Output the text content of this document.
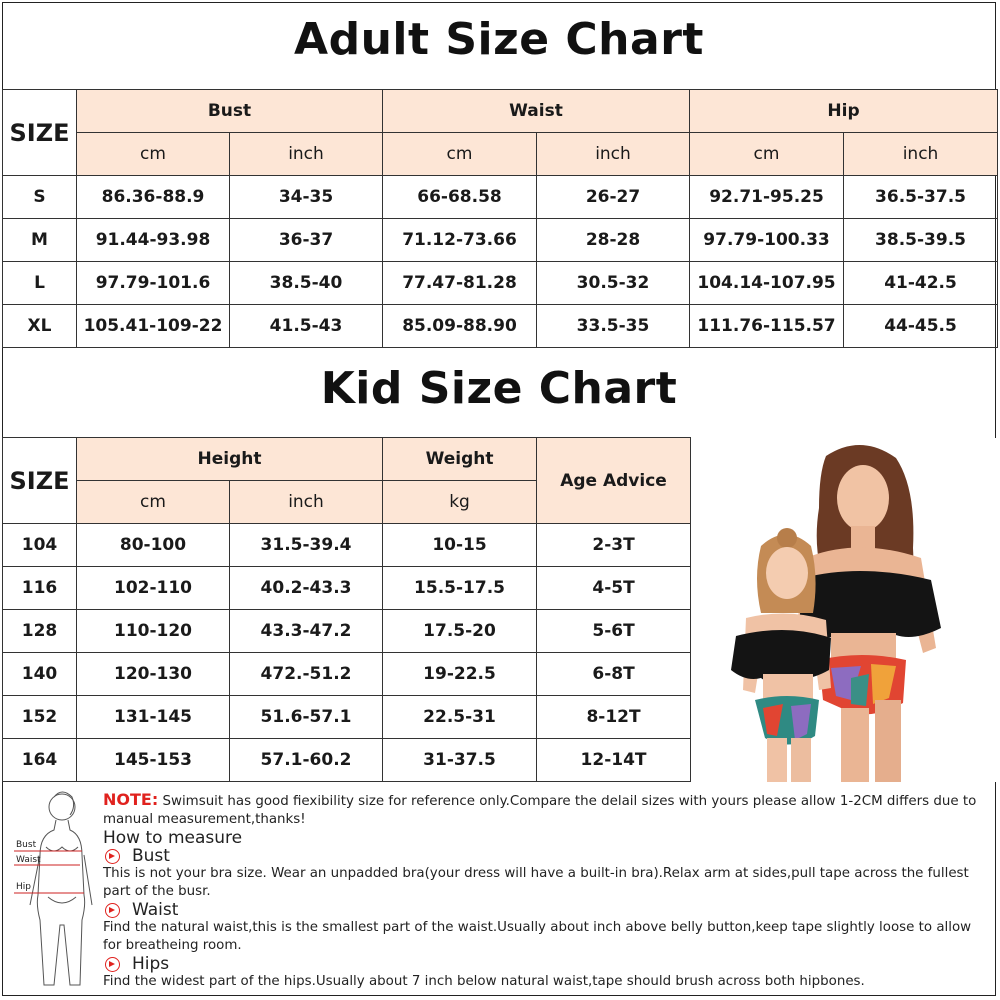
Adult Size Chart
SIZE	Bust		Waist		Hip	
	cm	inch	cm	inch	cm	inch
S	86.36-88.9	34-35	66-68.58	26-27	92.71-95.25	36.5-37.5
M	91.44-93.98	36-37	71.12-73.66	28-28	97.79-100.33	38.5-39.5
L	97.79-101.6	38.5-40	77.47-81.28	30.5-32	104.14-107.95	41-42.5
XL	105.41-109-22	41.5-43	85.09-88.90	33.5-35	111.76-115.57	44-45.5
Kid Size Chart
SIZE	Height		Weight	Age Advice
	cm	inch	kg	
104	80-100	31.5-39.4	10-15	2-3T
116	102-110	40.2-43.3	15.5-17.5	4-5T
128	110-120	43.3-47.2	17.5-20	5-6T
140	120-130	472.-51.2	19-22.5	6-8T
152	131-145	51.6-57.1	22.5-31	8-12T
164	145-153	57.1-60.2	31-37.5	12-14T
Bust
Waist
Hip
NOTE: Swimsuit has good fiexibility size for reference only.Compare the delail sizes with yours please allow 1-2CM differs due to manual measurement,thanks!
How to measure
Bust
This is not your bra size. Wear an unpadded bra(your dress will have a built-in bra).Relax arm at sides,pull tape across the fullest part of the busr.
Waist
Find the natural waist,this is the smallest part of the waist.Usually about inch above belly button,keep tape slightly loose to allow for breatheing room.
Hips
Find the widest part of the hips.Usually about 7 inch below natural waist,tape should brush across both hipbones.
